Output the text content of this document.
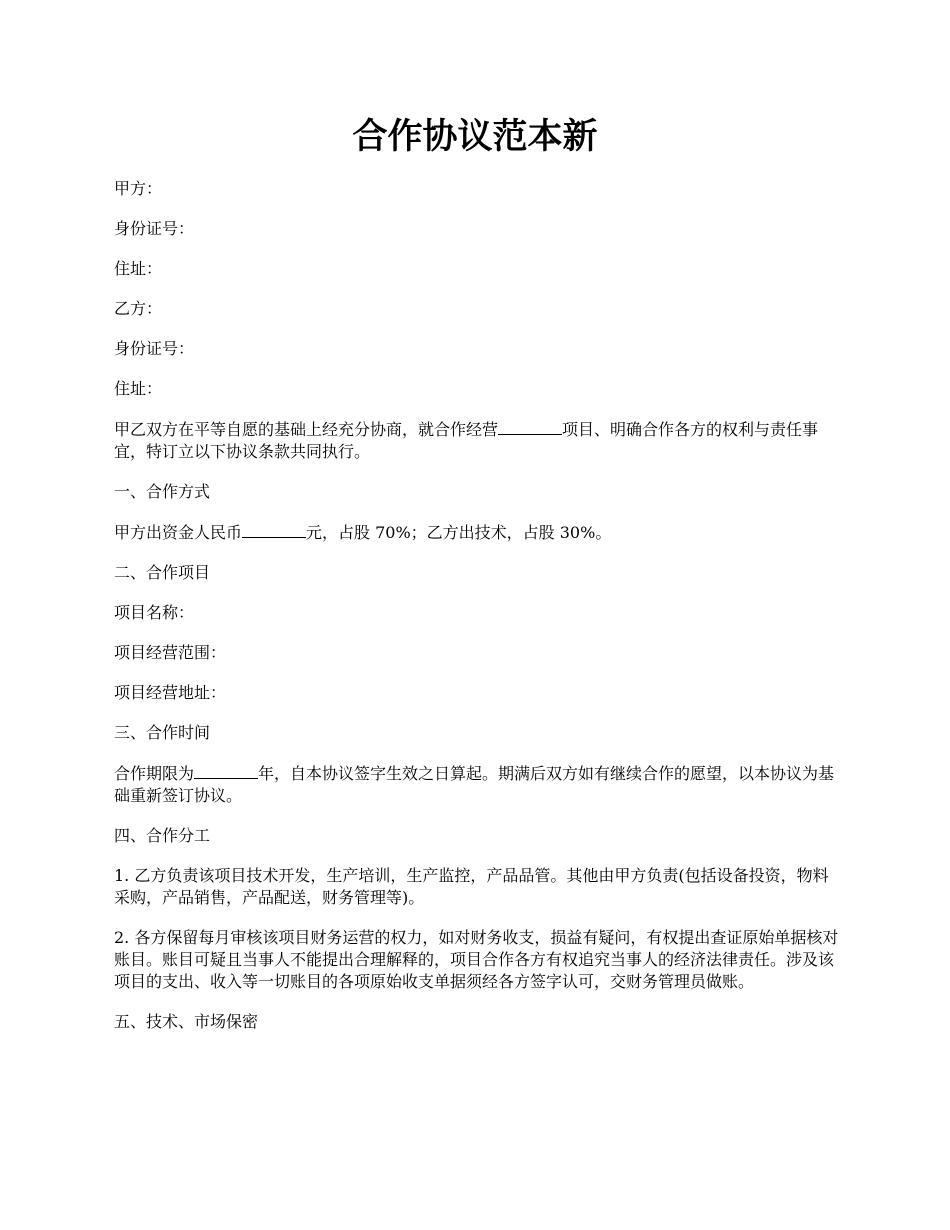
合作协议范本新

甲方：

身份证号：

住址：

乙方：

身份证号：

住址：

甲乙双方在平等自愿的基础上经充分协商，就合作经营	项目、明确合作各方的权利与责任事宜，特订立以下协议条款共同执行。

一、合作方式

甲方出资金人民币	元，占股 70%；乙方出技术，占股 30%。

二、合作项目

项目名称：

项目经营范围：

项目经营地址：

三、合作时间

合作期限为	年，自本协议签字生效之日算起。期满后双方如有继续合作的愿望，以本协议为基础重新签订协议。

四、合作分工

1. 乙方负责该项目技术开发，生产培训，生产监控，产品品管。其他由甲方负责(包括设备投资，物料采购，产品销售，产品配送，财务管理等)。

2. 各方保留每月审核该项目财务运营的权力，如对财务收支，损益有疑问，有权提出查证原始单据核对账目。账目可疑且当事人不能提出合理解释的，项目合作各方有权追究当事人的经济法律责任。涉及该项目的支出、收入等一切账目的各项原始收支单据须经各方签字认可，交财务管理员做账。

五、技术、市场保密
